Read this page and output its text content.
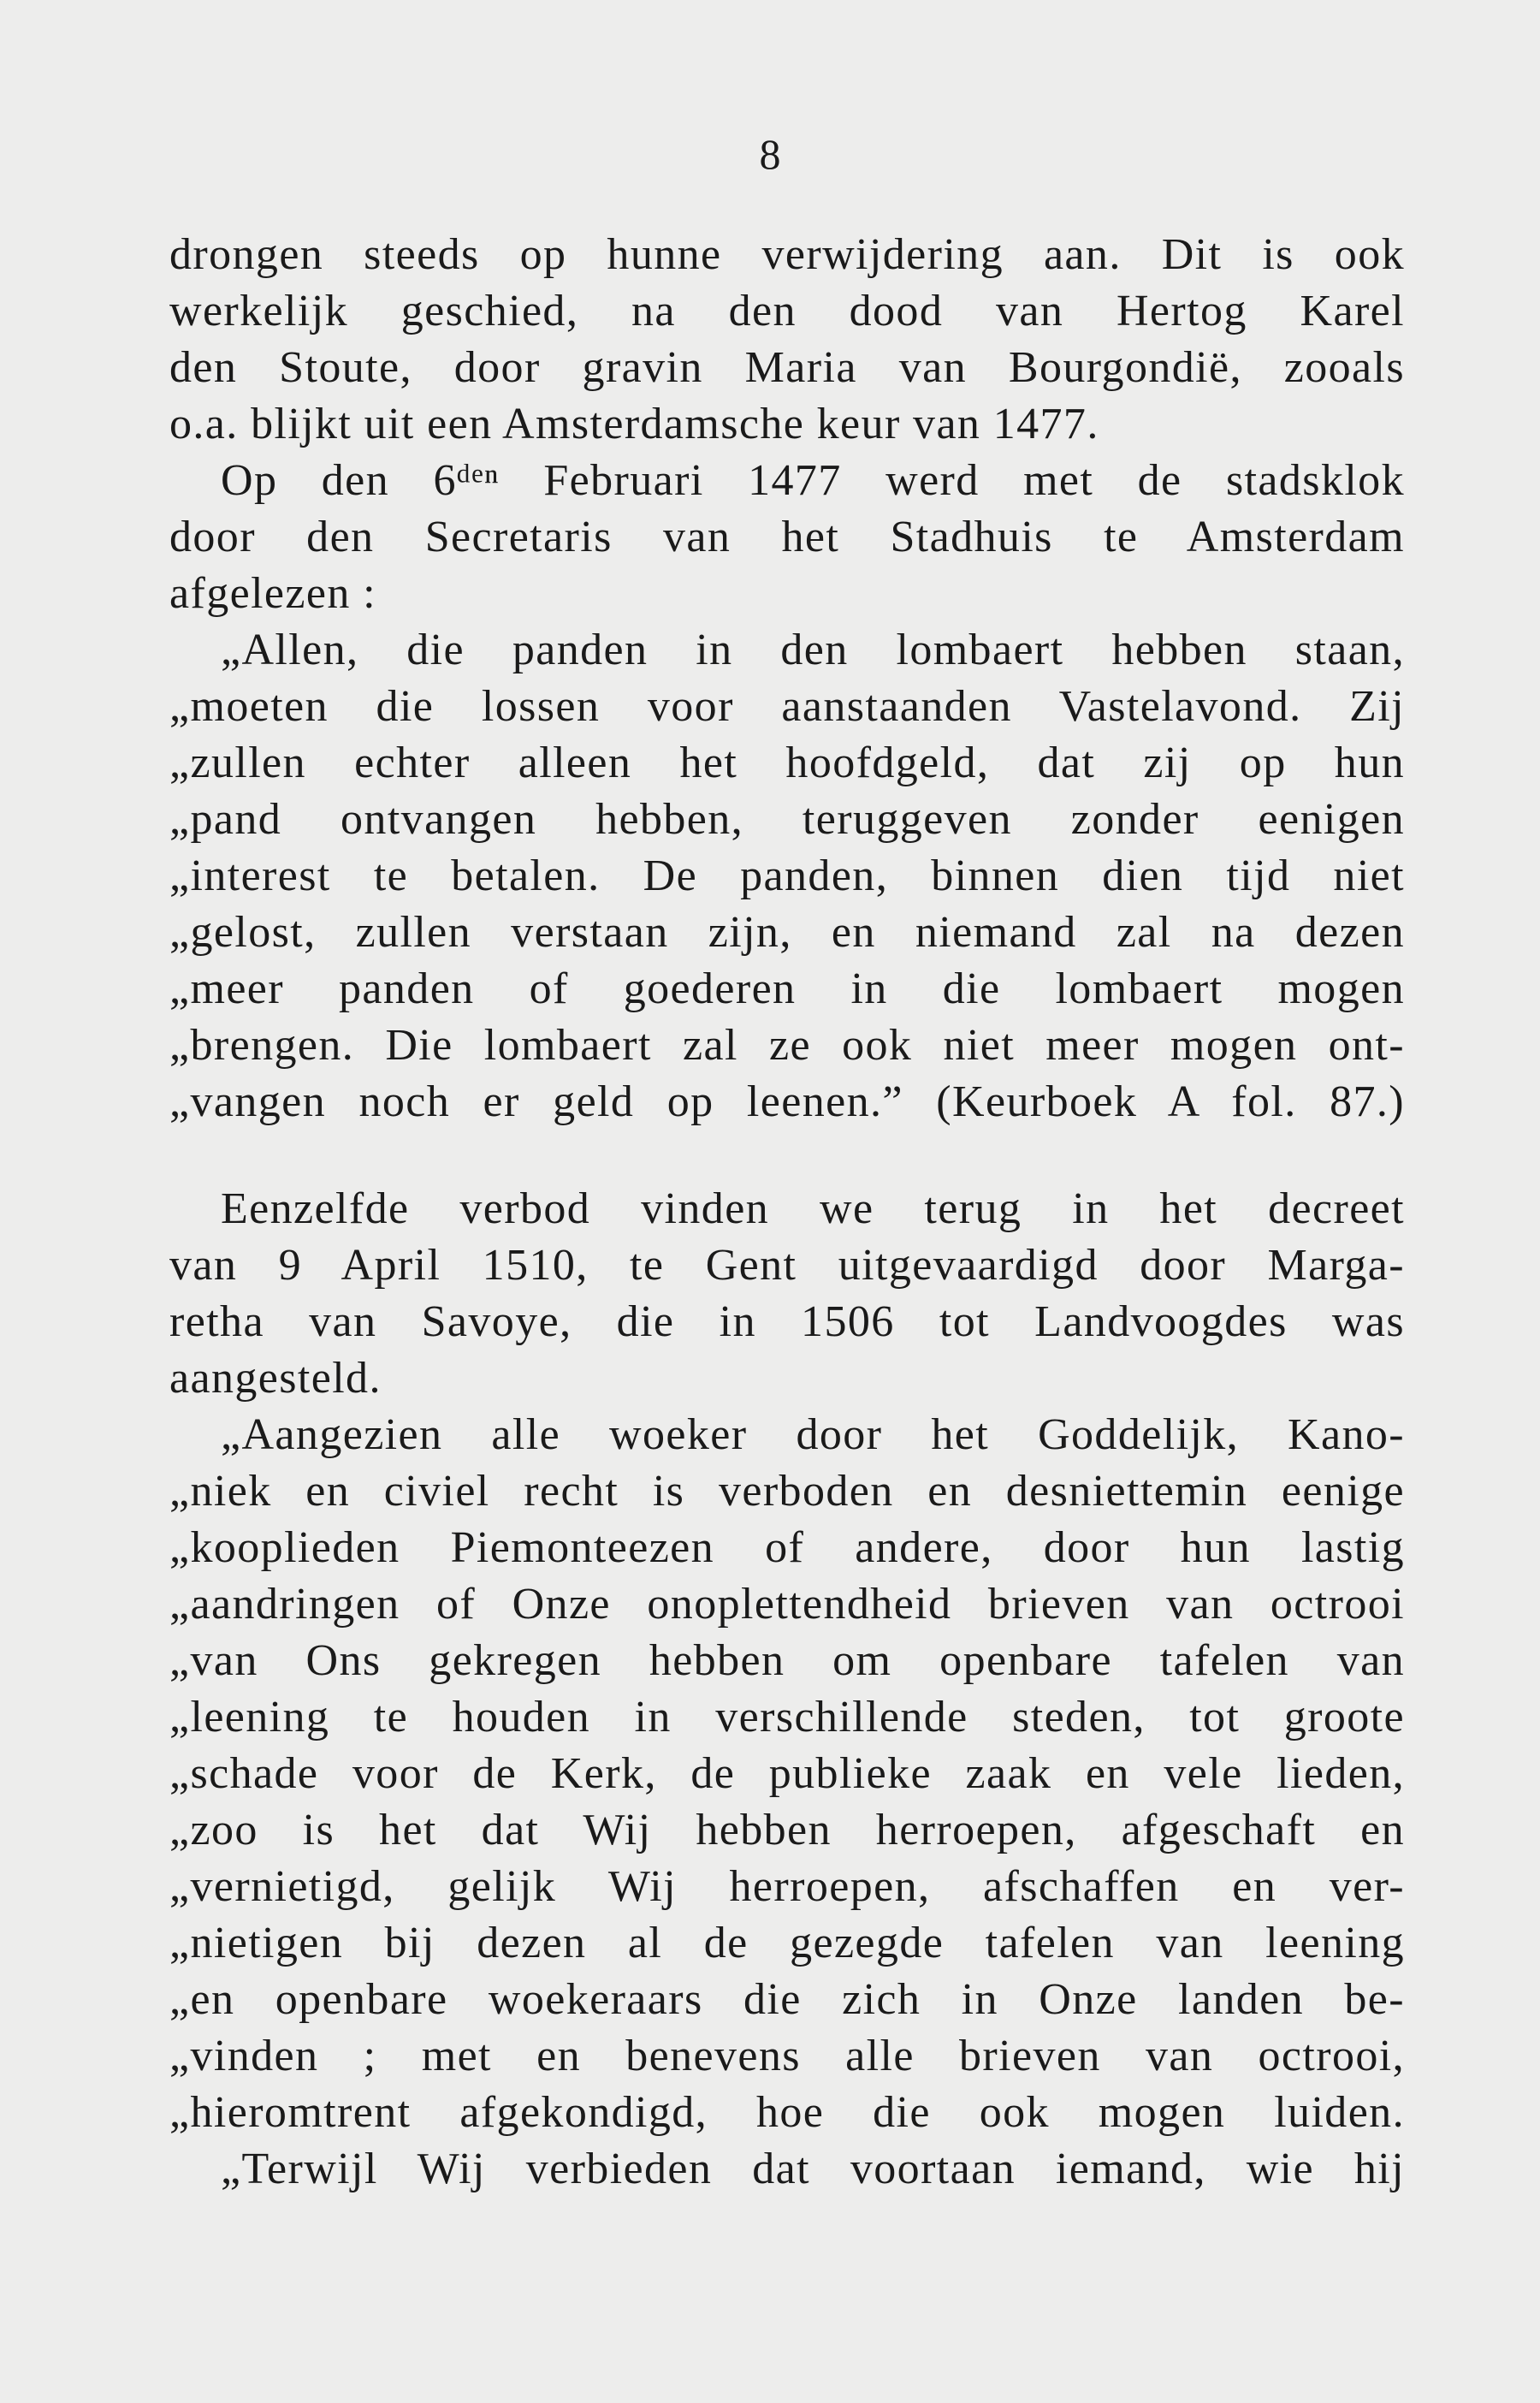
8
drongen steeds op hunne verwijdering aan. Dit is ook
werkelijk geschied, na den dood van Hertog Karel
den Stoute, door gravin Maria van Bourgondië, zooals
o.a. blijkt uit een Amsterdamsche keur van 1477.
Op den 6ᵈᵉⁿ Februari 1477 werd met de stadsklok
door den Secretaris van het Stadhuis te Amsterdam
afgelezen :
„Allen, die panden in den lombaert hebben staan,
„moeten die lossen voor aanstaanden Vastelavond. Zij
„zullen echter alleen het hoofdgeld, dat zij op hun
„pand ontvangen hebben, teruggeven zonder eenigen
„interest te betalen. De panden, binnen dien tijd niet
„gelost, zullen verstaan zijn, en niemand zal na dezen
„meer panden of goederen in die lombaert mogen
„brengen. Die lombaert zal ze ook niet meer mogen ont-
„vangen noch er geld op leenen.” (Keurboek A fol. 87.)
Eenzelfde verbod vinden we terug in het decreet
van 9 April 1510, te Gent uitgevaardigd door Marga-
retha van Savoye, die in 1506 tot Landvoogdes was
aangesteld.
„Aangezien alle woeker door het Goddelijk, Kano-
„niek en civiel recht is verboden en desniettemin eenige
„kooplieden Piemonteezen of andere, door hun lastig
„aandringen of Onze onoplettendheid brieven van octrooi
„van Ons gekregen hebben om openbare tafelen van
„leening te houden in verschillende steden, tot groote
„schade voor de Kerk, de publieke zaak en vele lieden,
„zoo is het dat Wij hebben herroepen, afgeschaft en
„vernietigd, gelijk Wij herroepen, afschaffen en ver-
„nietigen bij dezen al de gezegde tafelen van leening
„en openbare woekeraars die zich in Onze landen be-
„vinden ; met en benevens alle brieven van octrooi,
„hieromtrent afgekondigd, hoe die ook mogen luiden.
„Terwijl Wij verbieden dat voortaan iemand, wie hij
